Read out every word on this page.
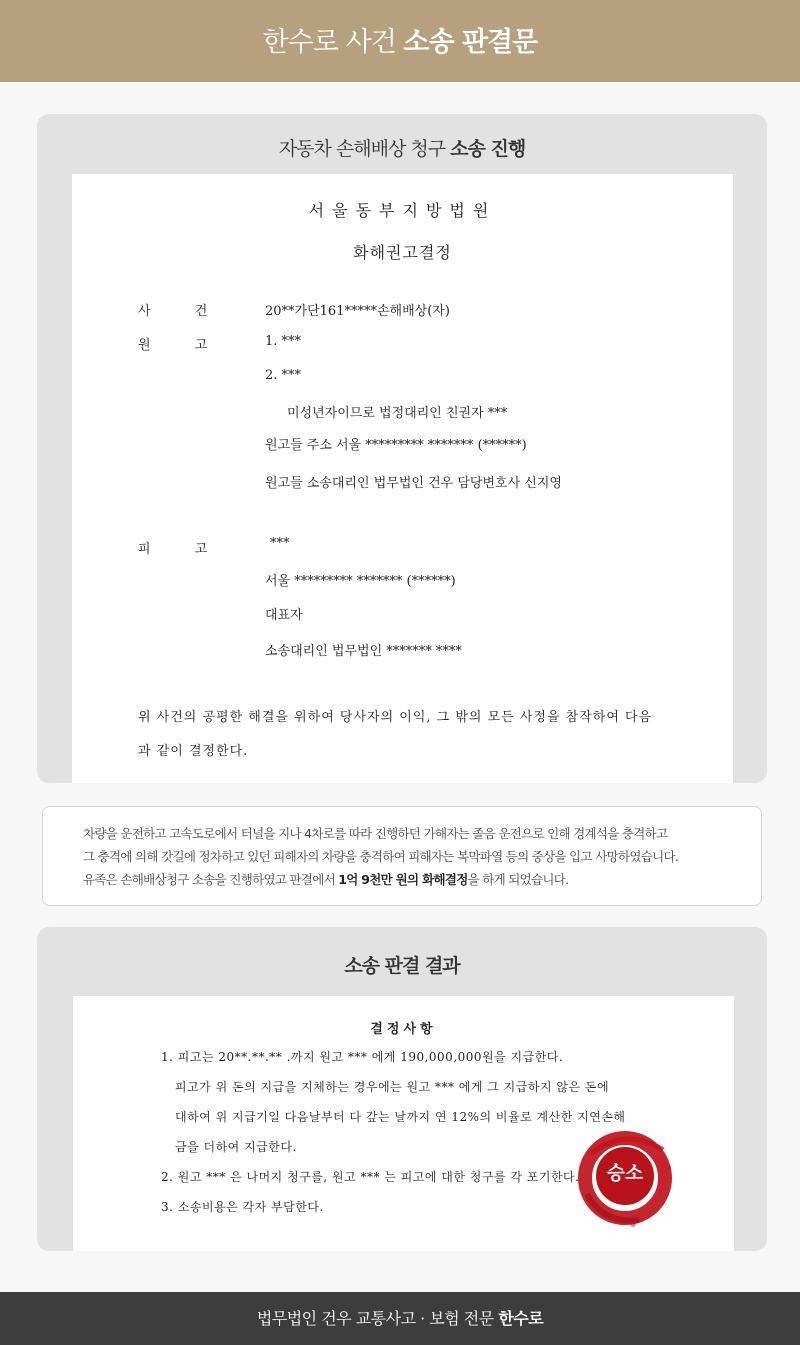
한수로 사건 소송 판결문
자동차 손해배상 청구 소송 진행
서울동부지방법원
화해권고결정
사 건	20**가단161*****손해배상(자)
원 고	1. ***
2. ***
미성년자이므로 법정대리인 친권자 ***
원고들 주소 서울 ********* ******* (******)
원고들 소송대리인 법무법인 건우 담당변호사 신지영
피 고	***
서울 ********* ******* (******)
대표자
소송대리인 법무법인 ******* ****
위 사건의 공평한 해결을 위하여 당사자의 이익, 그 밖의 모든 사정을 참작하여 다음
과 같이 결정한다.
차량을 운전하고 고속도로에서 터널을 지나 4차로를 따라 진행하던 가해자는 졸음 운전으로 인해 경계석을 충격하고
그 충격에 의해 갓길에 정차하고 있던 피해자의 차량을 충격하여 피해자는 복막파열 등의 중상을 입고 사망하였습니다.
유족은 손해배상청구 소송을 진행하였고 판결에서 1억 9천만 원의 화해결정을 하게 되었습니다.
소송 판결 결과
결정사항
1. 피고는 20**.**.** .까지 원고 *** 에게 190,000,000원을 지급한다.
피고가 위 돈의 지급을 지체하는 경우에는 원고 *** 에게 그 지급하지 않은 돈에
대하여 위 지급기일 다음날부터 다 갚는 날까지 연 12%의 비율로 계산한 지연손해
금을 더하여 지급한다.
2. 원고 *** 은 나머지 청구를, 원고 *** 는 피고에 대한 청구를 각 포기한다.
3. 소송비용은 각자 부담한다.
승소
법무법인 건우 교통사고 · 보험 전문 한수로
